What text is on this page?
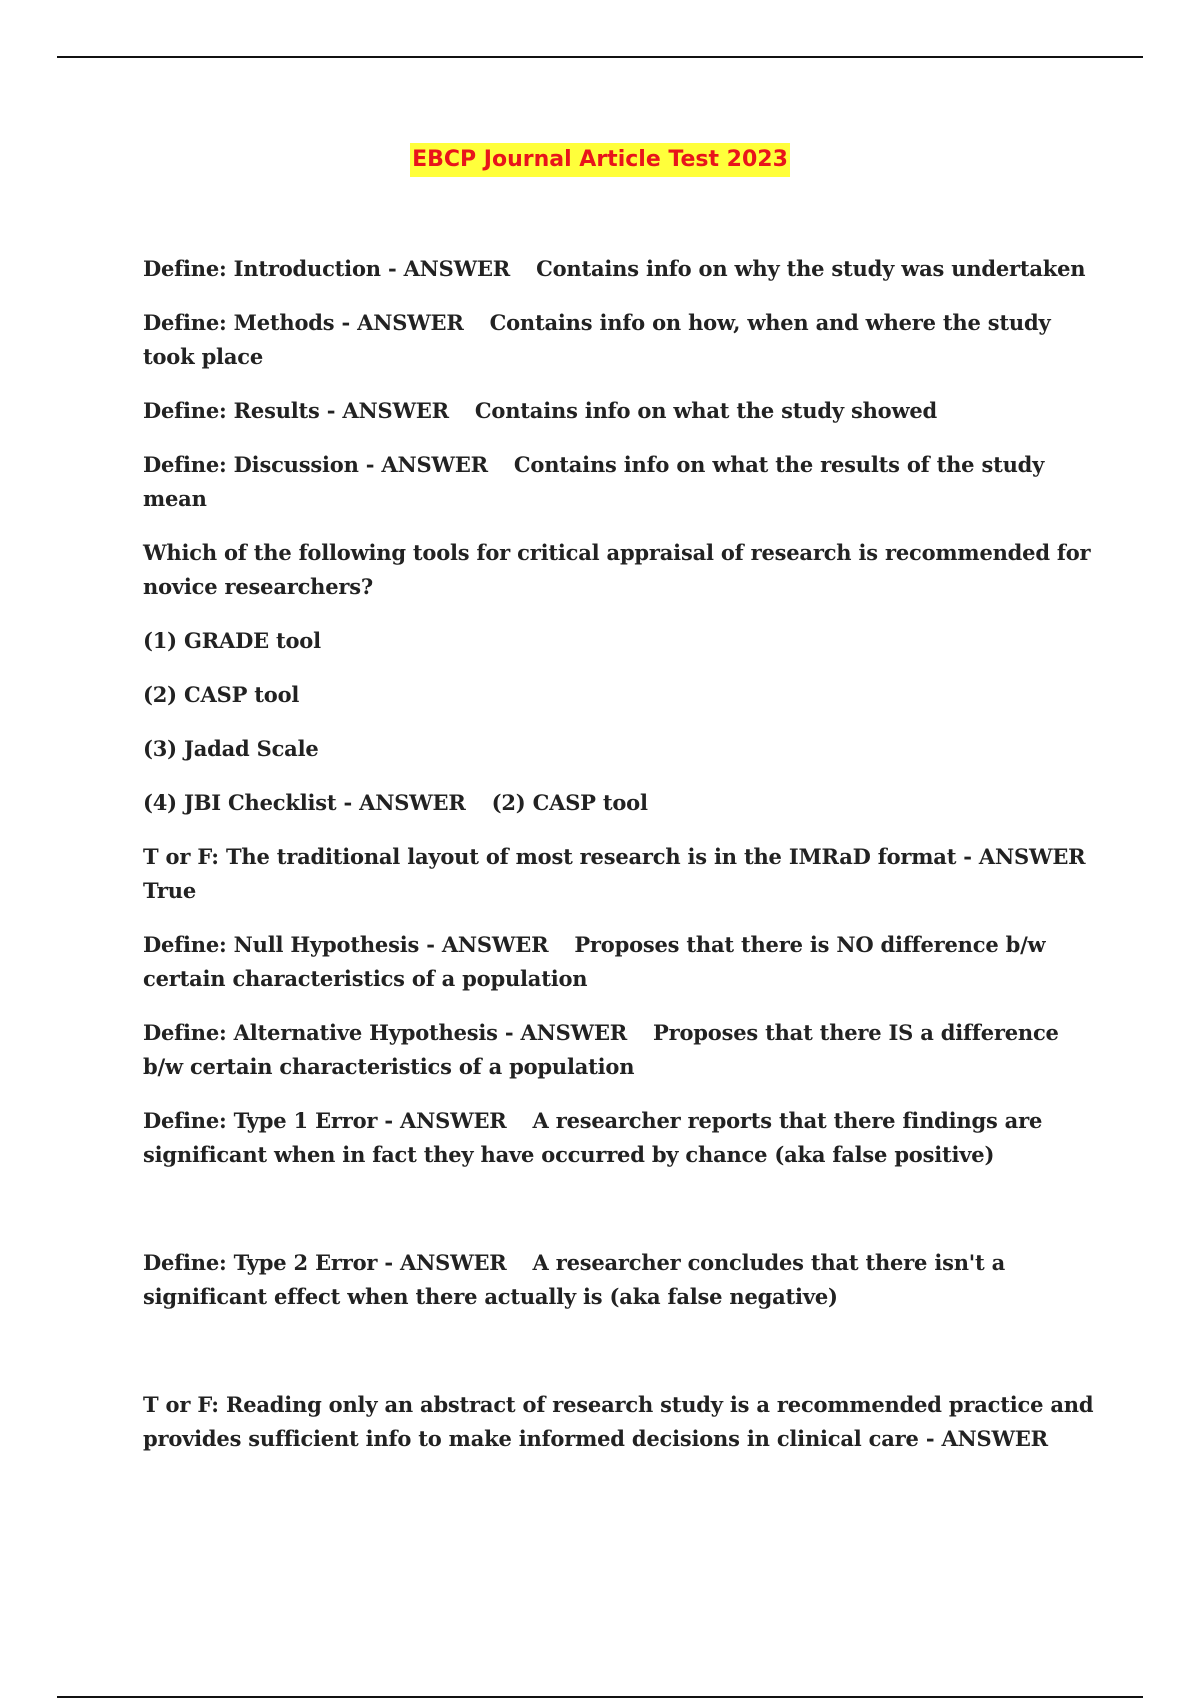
EBCP Journal Article Test 2023

Define: Introduction - ANSWER Contains info on why the study was undertaken

Define: Methods - ANSWER Contains info on how, when and where the study took place

Define: Results - ANSWER Contains info on what the study showed

Define: Discussion - ANSWER Contains info on what the results of the study mean

Which of the following tools for critical appraisal of research is recommended for novice researchers?

(1) GRADE tool

(2) CASP tool

(3) Jadad Scale

(4) JBI Checklist - ANSWER (2) CASP tool

T or F: The traditional layout of most research is in the IMRaD format - ANSWER True

Define: Null Hypothesis - ANSWER Proposes that there is NO difference b/w certain characteristics of a population

Define: Alternative Hypothesis - ANSWER Proposes that there IS a difference b/w certain characteristics of a population

Define: Type 1 Error - ANSWER A researcher reports that there findings are significant when in fact they have occurred by chance (aka false positive)

Define: Type 2 Error - ANSWER A researcher concludes that there isn't a significant effect when there actually is (aka false negative)

T or F: Reading only an abstract of research study is a recommended practice and provides sufficient info to make informed decisions in clinical care - ANSWER
